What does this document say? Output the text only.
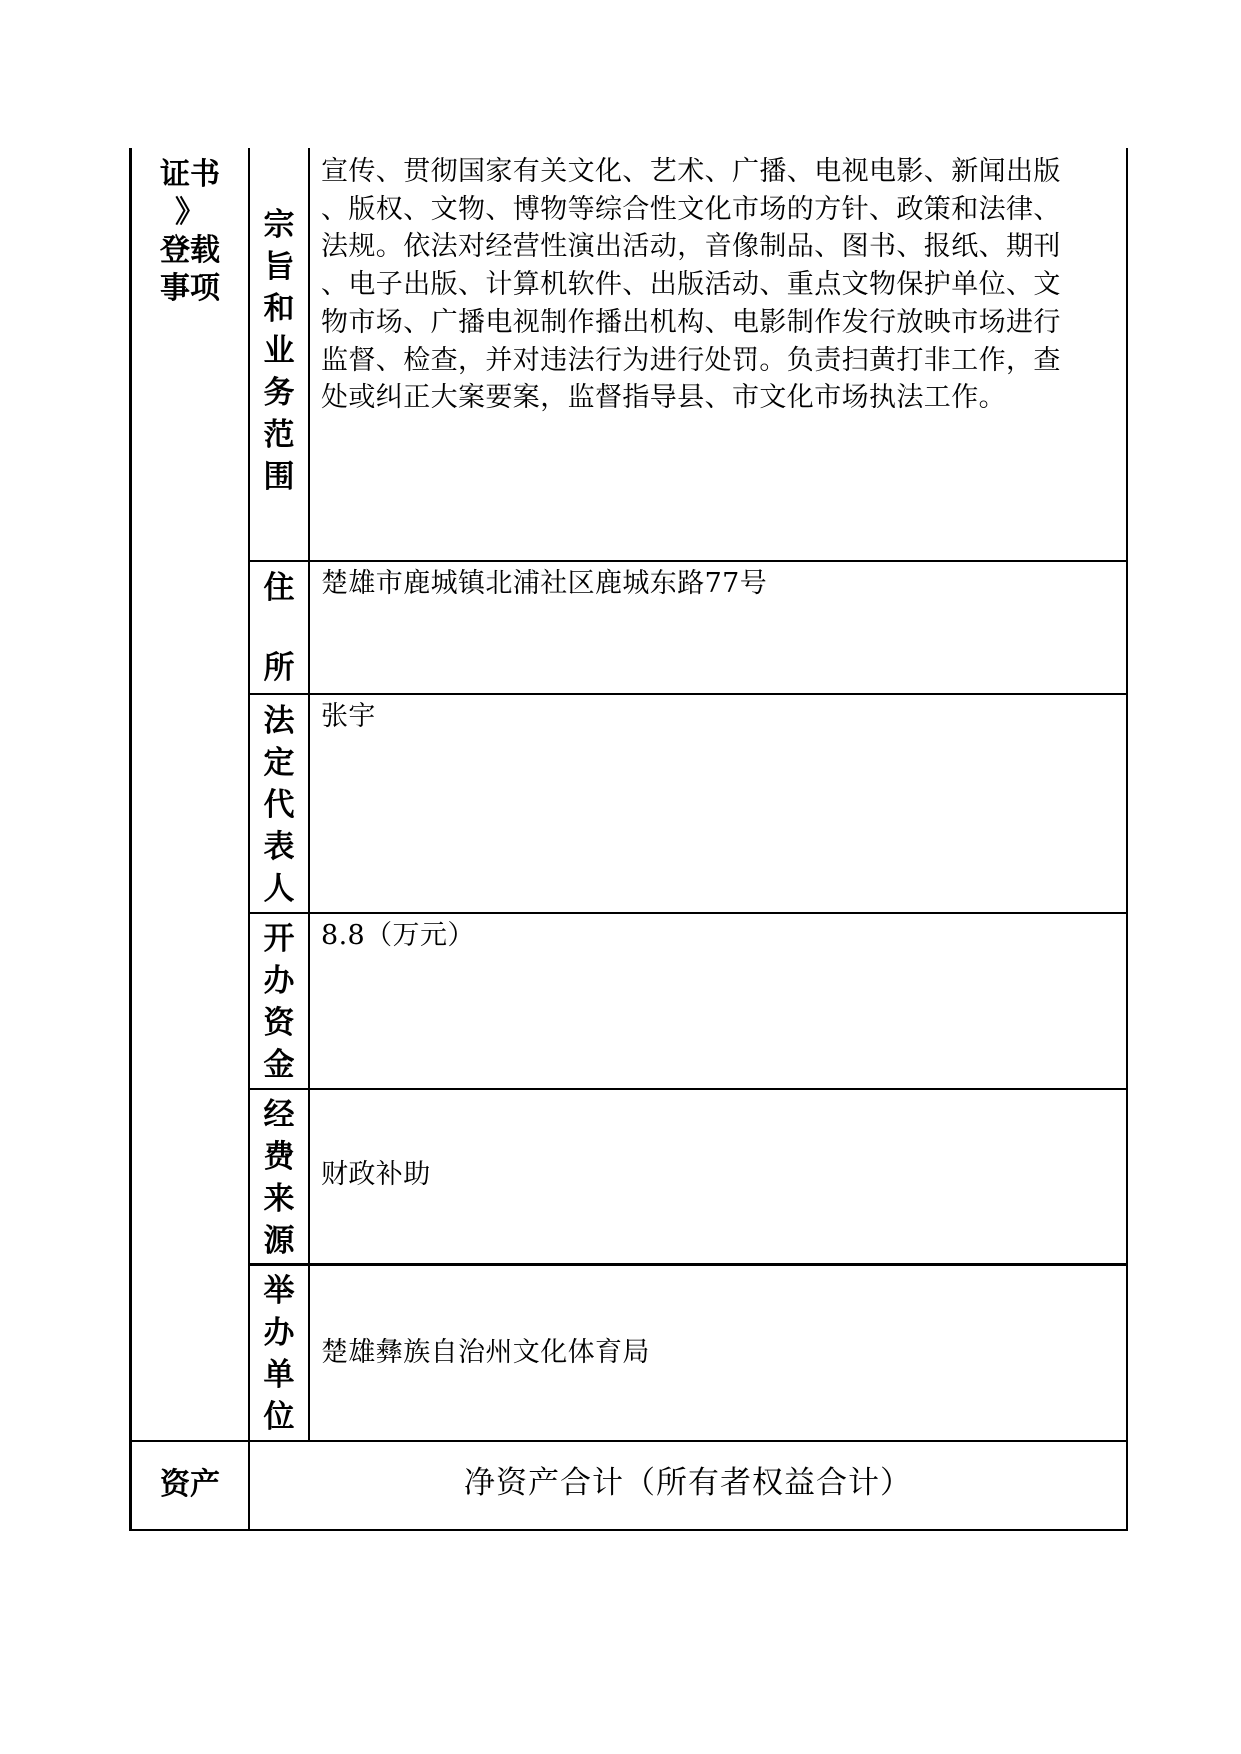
证书
》
登载
事项
宗
旨
和
业
务
范
围
宣传、贯彻国家有关文化、艺术、广播、电视电影、新闻出版
、版权、文物、博物等综合性文化市场的方针、政策和法律、
法规。依法对经营性演出活动，音像制品、图书、报纸、期刊
、电子出版、计算机软件、出版活动、重点文物保护单位、文
物市场、广播电视制作播出机构、电影制作发行放映市场进行
监督、检查，并对违法行为进行处罚。负责扫黄打非工作，查
处或纠正大案要案，监督指导县、市文化市场执法工作。
住
所
楚雄市鹿城镇北浦社区鹿城东路77号
法
定
代
表
人
张宇
开
办
资
金
8.8（万元）
经
费
来
源
财政补助
举
办
单
位
楚雄彝族自治州文化体育局
资产	净资产合计（所有者权益合计）
